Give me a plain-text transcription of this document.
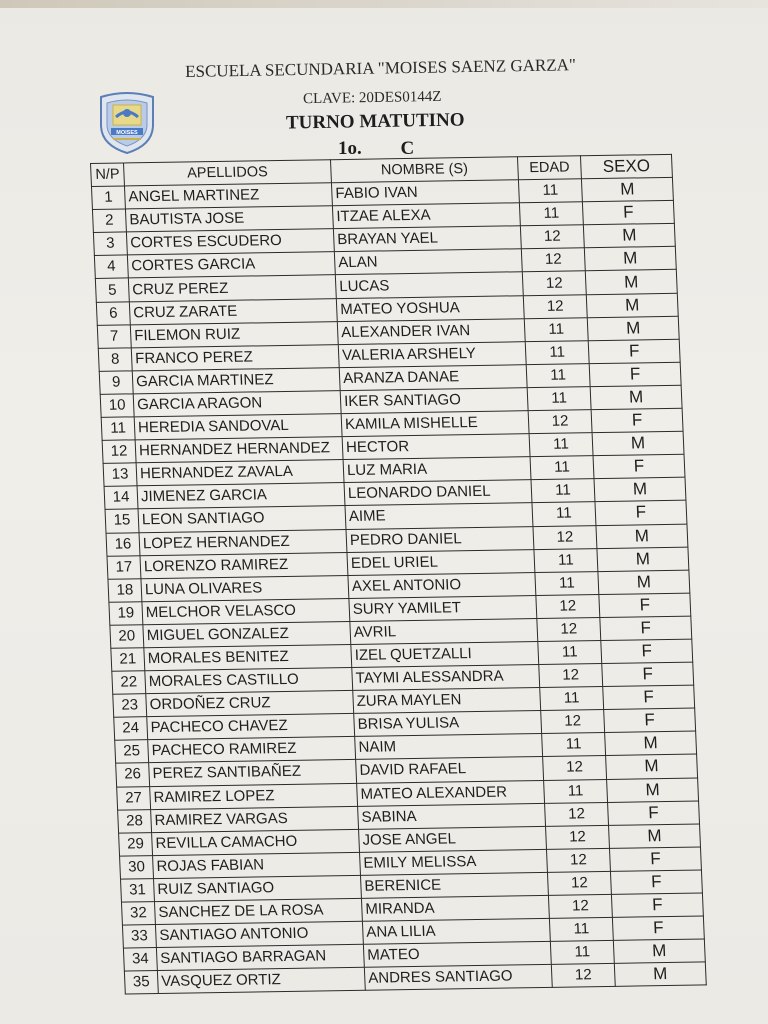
MOISES
ESCUELA SECUNDARIA "MOISES SAENZ GARZA"
CLAVE: 20DES0144Z
TURNO MATUTINO
1o. C
N/P	APELLIDOS	NOMBRE (S)	EDAD	SEXO
1	ANGEL MARTINEZ	FABIO IVAN	11	M
2	BAUTISTA JOSE	ITZAE ALEXA	11	F
3	CORTES ESCUDERO	BRAYAN YAEL	12	M
4	CORTES GARCIA	ALAN	12	M
5	CRUZ PEREZ	LUCAS	12	M
6	CRUZ ZARATE	MATEO YOSHUA	12	M
7	FILEMON RUIZ	ALEXANDER IVAN	11	M
8	FRANCO PEREZ	VALERIA ARSHELY	11	F
9	GARCIA MARTINEZ	ARANZA DANAE	11	F
10	GARCIA ARAGON	IKER SANTIAGO	11	M
11	HEREDIA SANDOVAL	KAMILA MISHELLE	12	F
12	HERNANDEZ HERNANDEZ	HECTOR	11	M
13	HERNANDEZ ZAVALA	LUZ MARIA	11	F
14	JIMENEZ GARCIA	LEONARDO DANIEL	11	M
15	LEON SANTIAGO	AIME	11	F
16	LOPEZ HERNANDEZ	PEDRO DANIEL	12	M
17	LORENZO RAMIREZ	EDEL URIEL	11	M
18	LUNA OLIVARES	AXEL ANTONIO	11	M
19	MELCHOR VELASCO	SURY YAMILET	12	F
20	MIGUEL GONZALEZ	AVRIL	12	F
21	MORALES BENITEZ	IZEL QUETZALLI	11	F
22	MORALES CASTILLO	TAYMI ALESSANDRA	12	F
23	ORDOÑEZ CRUZ	ZURA MAYLEN	11	F
24	PACHECO CHAVEZ	BRISA YULISA	12	F
25	PACHECO RAMIREZ	NAIM	11	M
26	PEREZ SANTIBAÑEZ	DAVID RAFAEL	12	M
27	RAMIREZ LOPEZ	MATEO ALEXANDER	11	M
28	RAMIREZ VARGAS	SABINA	12	F
29	REVILLA CAMACHO	JOSE ANGEL	12	M
30	ROJAS FABIAN	EMILY MELISSA	12	F
31	RUIZ SANTIAGO	BERENICE	12	F
32	SANCHEZ DE LA ROSA	MIRANDA	12	F
33	SANTIAGO ANTONIO	ANA LILIA	11	F
34	SANTIAGO BARRAGAN	MATEO	11	M
35	VASQUEZ ORTIZ	ANDRES SANTIAGO	12	M
